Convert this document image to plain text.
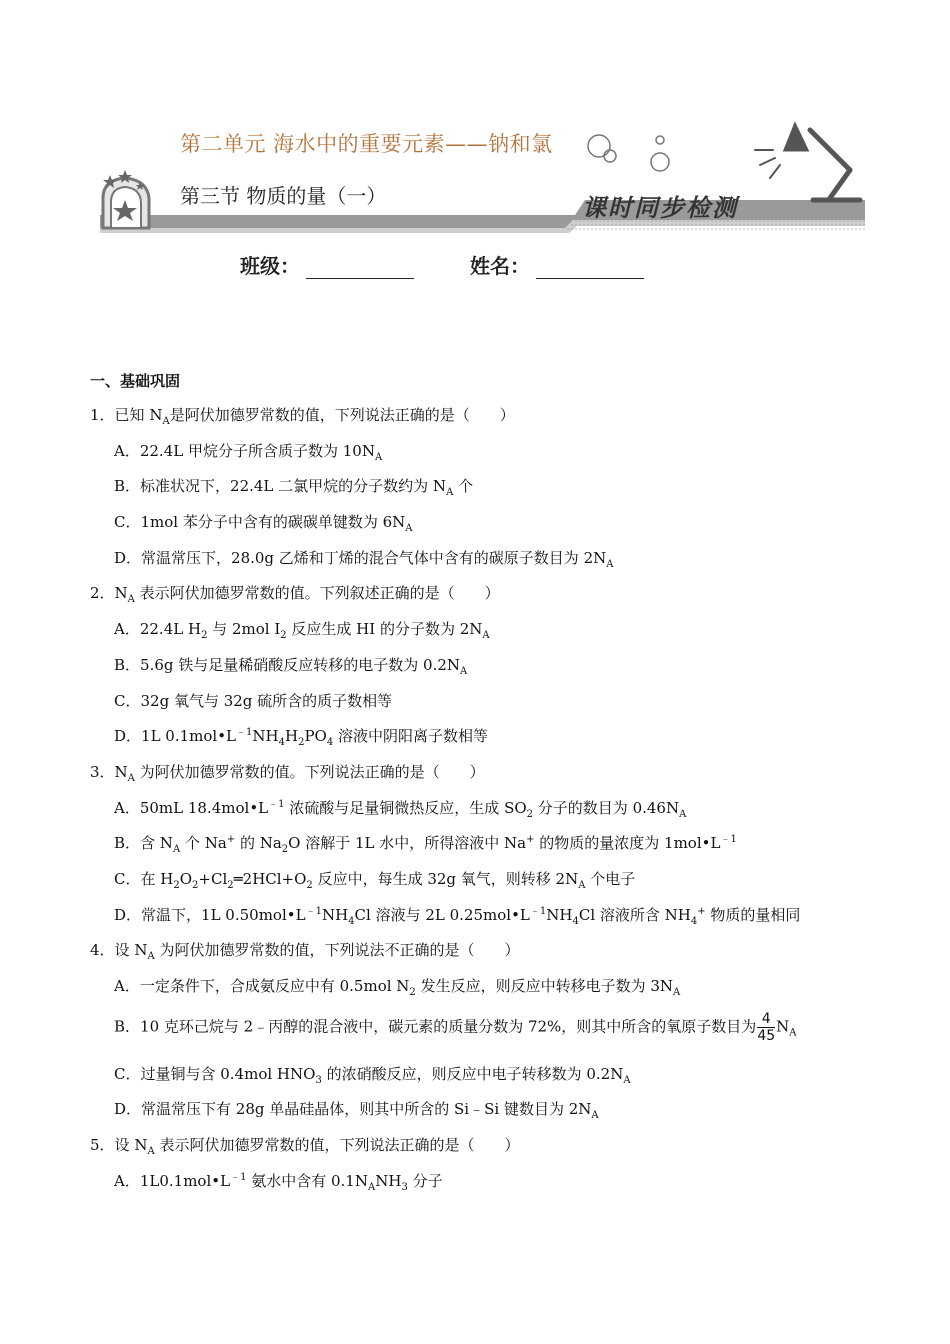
第二单元 海水中的重要元素——钠和氯
第三节 物质的量（一）	课时同步检测
班级：	姓名：
一、基础巩固
1．已知 $N_A$是阿伏加德罗常数的值，下列说法正确的是（　　）
A．22.4L 甲烷分子所含质子数为 $10N_A$
B．标准状况下，22.4L 二氯甲烷的分子数约为 $N_A$ 个
C．1mol 苯分子中含有的碳碳单键数为 $6N_A$
D．常温常压下，28.0g 乙烯和丁烯的混合气体中含有的碳原子数目为 $2N_A$
2．$N_A$ 表示阿伏加德罗常数的值。下列叙述正确的是（　　）
A．22.4L $H_2$ 与 2mol $I_2$ 反应生成 HI 的分子数为 $2N_A$
B．5.6g 铁与足量稀硝酸反应转移的电子数为 $0.2N_A$
C．32g 氧气与 32g 硫所含的质子数相等
D．1L $0.1mol•L^{﹣1}NH_4H_2PO_4$ 溶液中阴阳离子数相等
3．$N_A$ 为阿伏加德罗常数的值。下列说法正确的是（　　）
A．50mL $18.4mol•L^{﹣1}$ 浓硫酸与足量铜微热反应，生成 $SO_2$ 分子的数目为 $0.46N_A$
B．含 $N_A$ 个 Na+ 的 $Na_2O$ 溶解于 1L 水中，所得溶液中 Na+ 的物质的量浓度为 $1mol•L^{﹣1}$
C．在 $H_2O_2+Cl_2═2HCl+O_2$ 反应中，每生成 32g 氧气，则转移 $2N_A$ 个电子
D．常温下，1L $0.50mol•L^{﹣1}NH_4Cl$ 溶液与 2L $0.25mol•L^{﹣1}NH_4Cl$ 溶液所含 $NH_4^+$ 物质的量相同
4．设 $N_A$ 为阿伏加德罗常数的值，下列说法不正确的是（　　）
A．一定条件下，合成氨反应中有 0.5mol $N_2$ 发生反应，则反应中转移电子数为 $3N_A$
B．10 克环己烷与 2﹣丙醇的混合液中，碳元素的质量分数为 72%，则其中所含的氧原子数目为 $\frac{4}{45} N_A$
C．过量铜与含 0.4mol $HNO_3$ 的浓硝酸反应，则反应中电子转移数为 $0.2N_A$
D．常温常压下有 28g 单晶硅晶体，则其中所含的 Si﹣Si 键数目为 $2N_A$
5．设 $N_A$ 表示阿伏加德罗常数的值，下列说法正确的是（　　）
A．$1L0.1mol•L^{﹣1}$ 氨水中含有 $0.1N_ANH_3$ 分子
